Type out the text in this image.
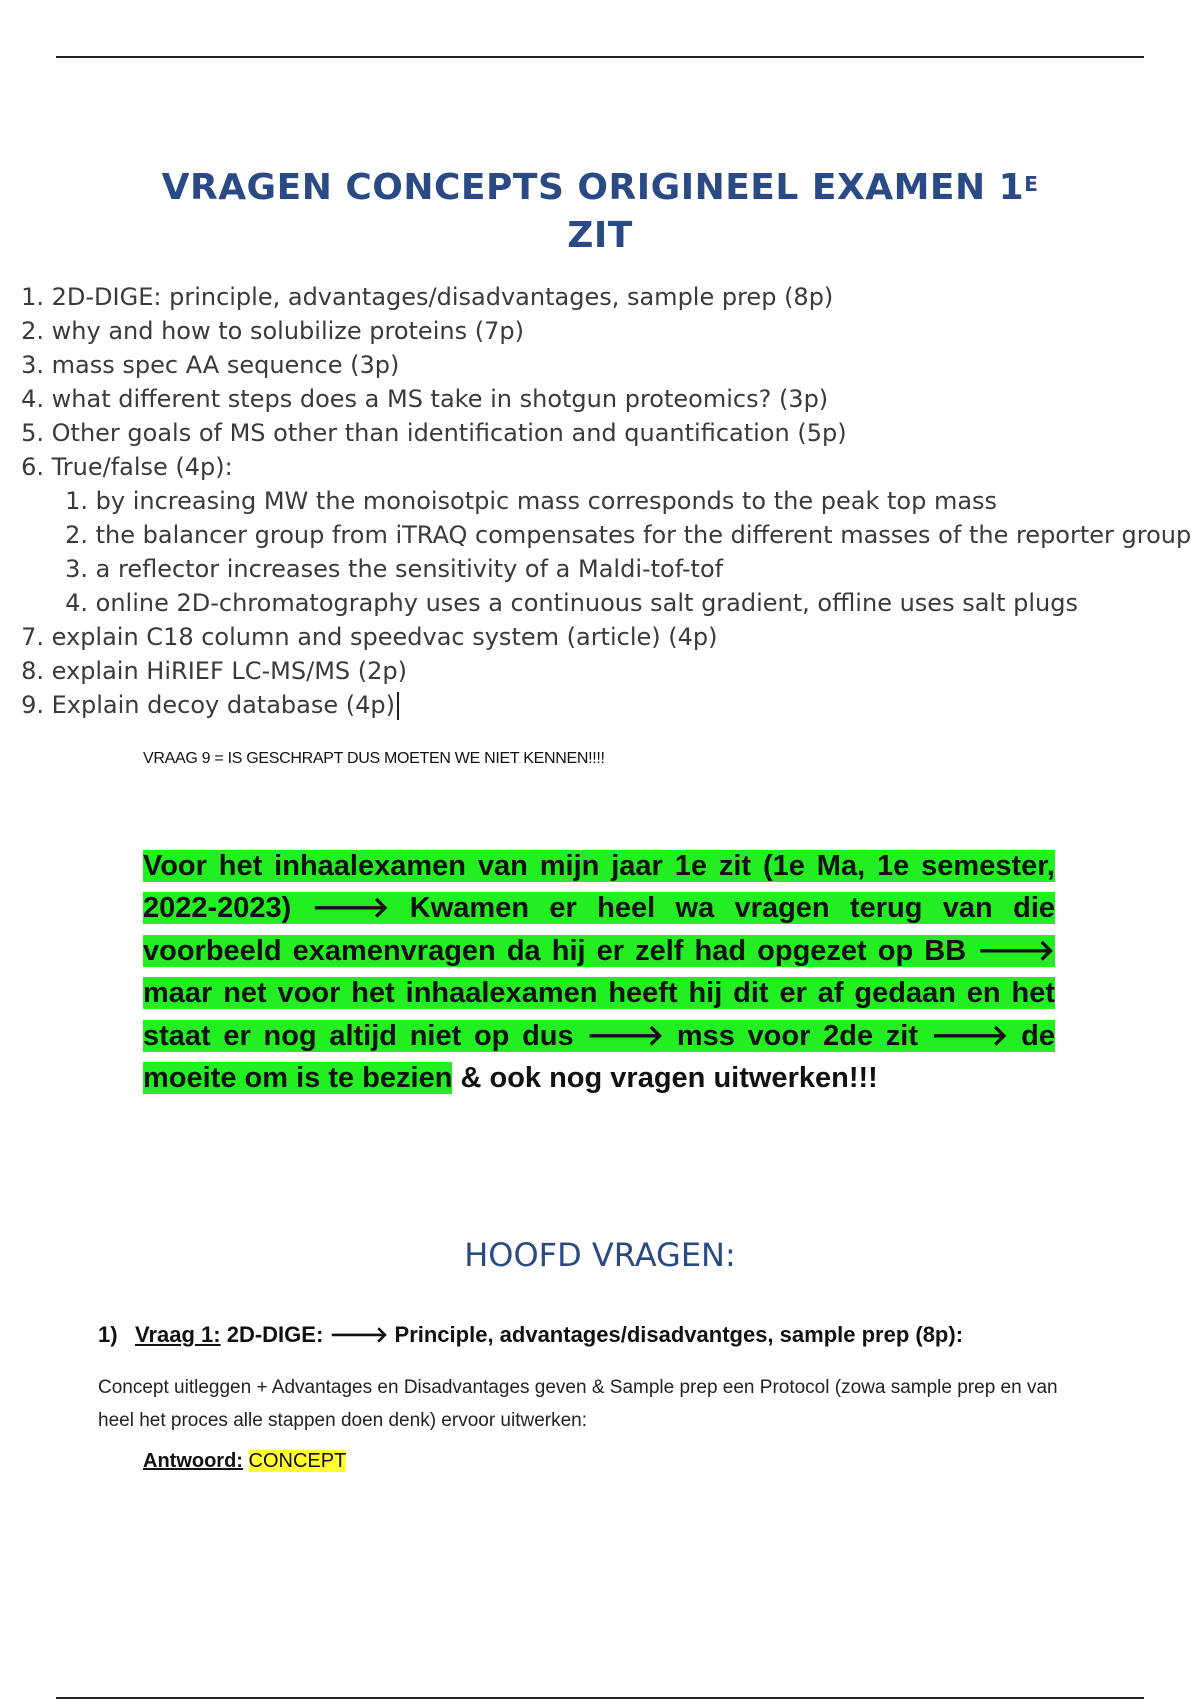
VRAGEN CONCEPTS ORIGINEEL EXAMEN $1^E$
ZIT
1. 2D-DIGE: principle, advantages/disadvantages, sample prep (8p)
2. why and how to solubilize proteins (7p)
3. mass spec AA sequence (3p)
4. what different steps does a MS take in shotgun proteomics? (3p)
5. Other goals of MS other than identification and quantification (5p)
6. True/false (4p):
1. by increasing MW the monoisotpic mass corresponds to the peak top mass
2. the balancer group from iTRAQ compensates for the different masses of the reporter group
3. a reflector increases the sensitivity of a Maldi-tof-tof
4. online 2D-chromatography uses a continuous salt gradient, offline uses salt plugs
7. explain C18 column and speedvac system (article) (4p)
8. explain HiRIEF LC-MS/MS (2p)
9. Explain decoy database (4p)
VRAAG 9 = IS GESCHRAPT DUS MOETEN WE NIET KENNEN!!!!
Voor het inhaalexamen van mijn jaar 1e zit (1e Ma, 1e semester, 2022-2023) 🡒 Kwamen er heel wa vragen terug van die voorbeeld examenvragen da hij er zelf had opgezet op BB 🡒 maar net voor het inhaalexamen heeft hij dit er af gedaan en het staat er nog altijd niet op dus 🡒 mss voor 2de zit 🡒 de moeite om is te bezien & ook nog vragen uitwerken!!!
HOOFD VRAGEN:
1) Vraag 1: 2D-DIGE: 🡒 Principle, advantages/disadvantges, sample prep (8p):
Concept uitleggen + Advantages en Disadvantages geven & Sample prep een Protocol (zowa sample prep en van heel het proces alle stappen doen denk) ervoor uitwerken:
Antwoord: CONCEPT
